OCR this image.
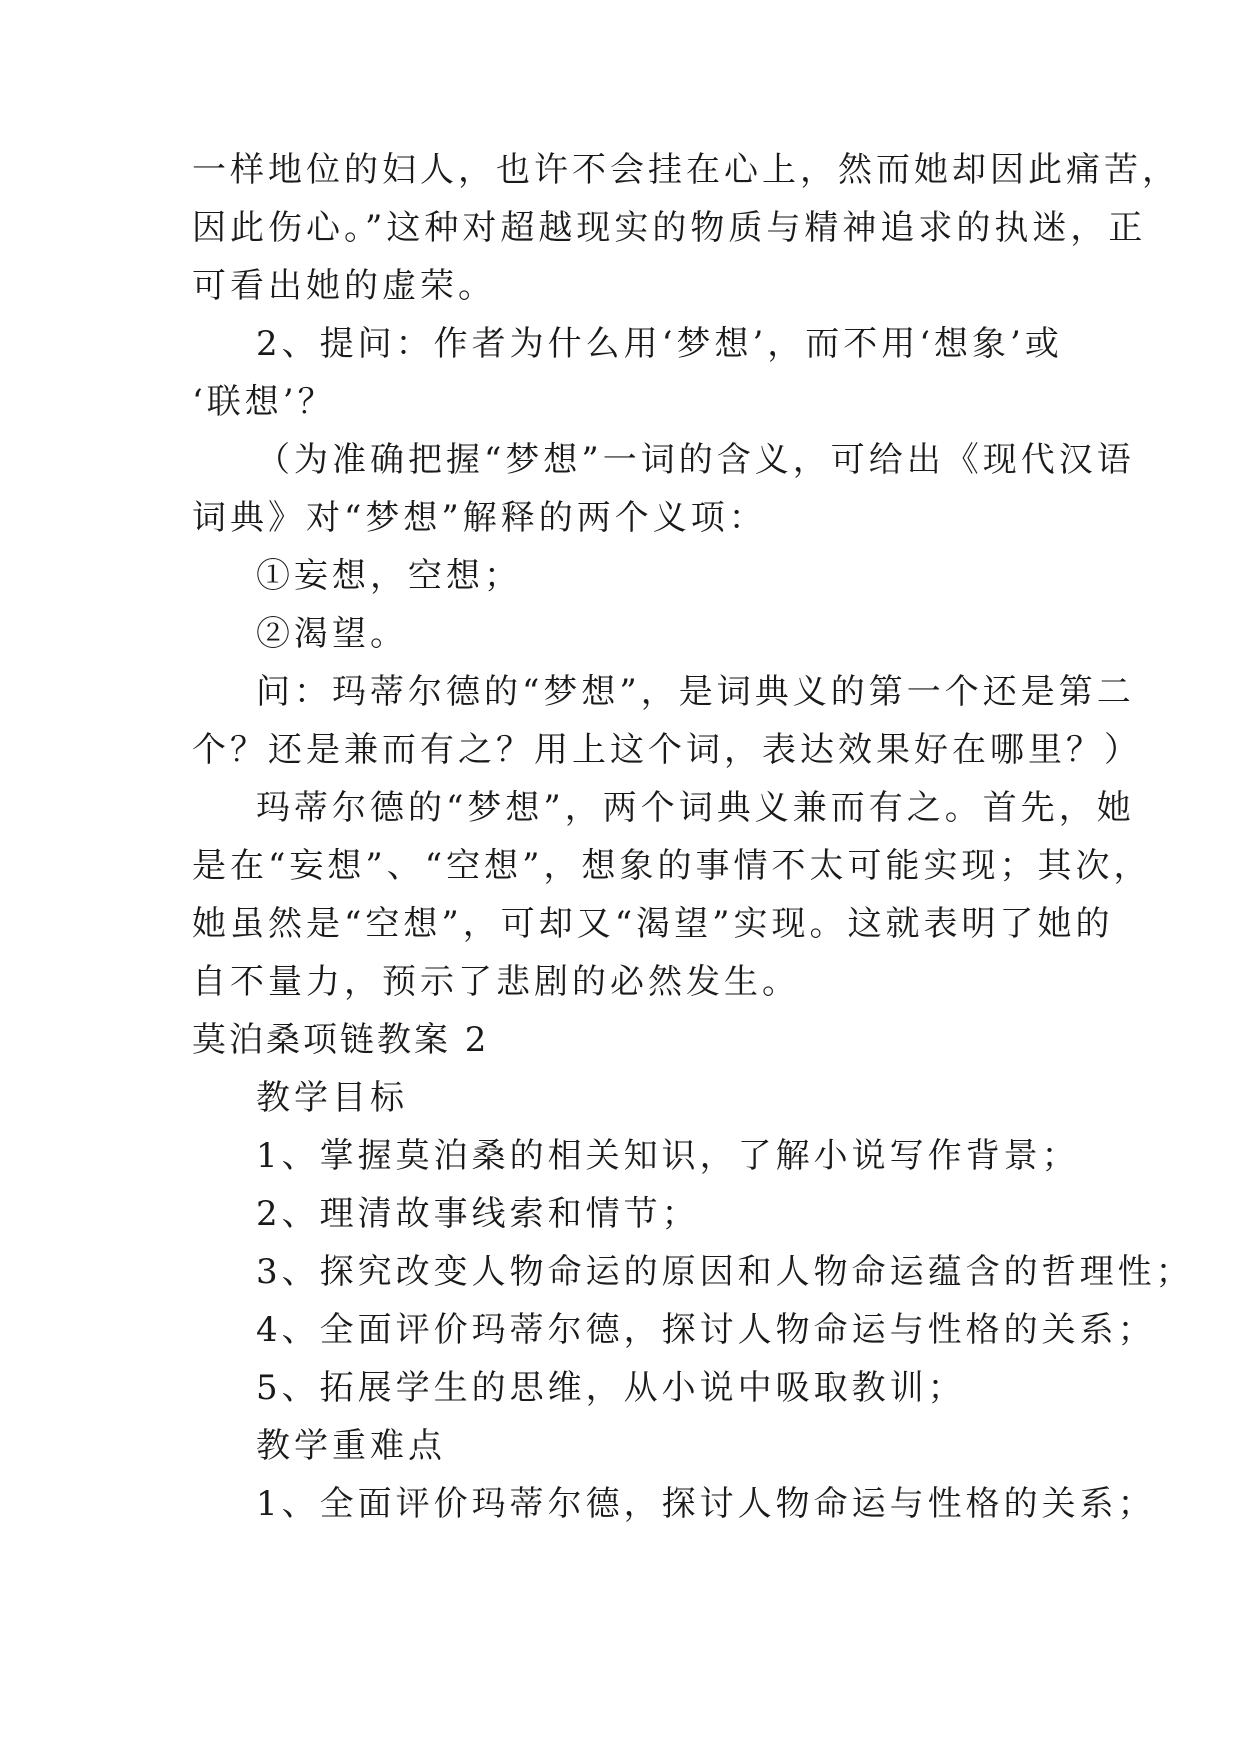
一样地位的妇人，也许不会挂在心上，然而她却因此痛苦，
因此伤心。”这种对超越现实的物质与精神追求的执迷，正
可看出她的虚荣。
2、提问：作者为什么用‘梦想’，而不用‘想象’或
‘联想’？
（为准确把握“梦想”一词的含义，可给出《现代汉语
词典》对“梦想”解释的两个义项：
①妄想，空想；
②渴望。
问：玛蒂尔德的“梦想”，是词典义的第一个还是第二
个？还是兼而有之？用上这个词，表达效果好在哪里？）
玛蒂尔德的“梦想”，两个词典义兼而有之。首先，她
是在“妄想”、“空想”，想象的事情不太可能实现；其次，
她虽然是“空想”，可却又“渴望”实现。这就表明了她的
自不量力，预示了悲剧的必然发生。
莫泊桑项链教案 2
教学目标
1、掌握莫泊桑的相关知识，了解小说写作背景；
2、理清故事线索和情节；
3、探究改变人物命运的原因和人物命运蕴含的哲理性；
4、全面评价玛蒂尔德，探讨人物命运与性格的关系；
5、拓展学生的思维，从小说中吸取教训；
教学重难点
1、全面评价玛蒂尔德，探讨人物命运与性格的关系；
